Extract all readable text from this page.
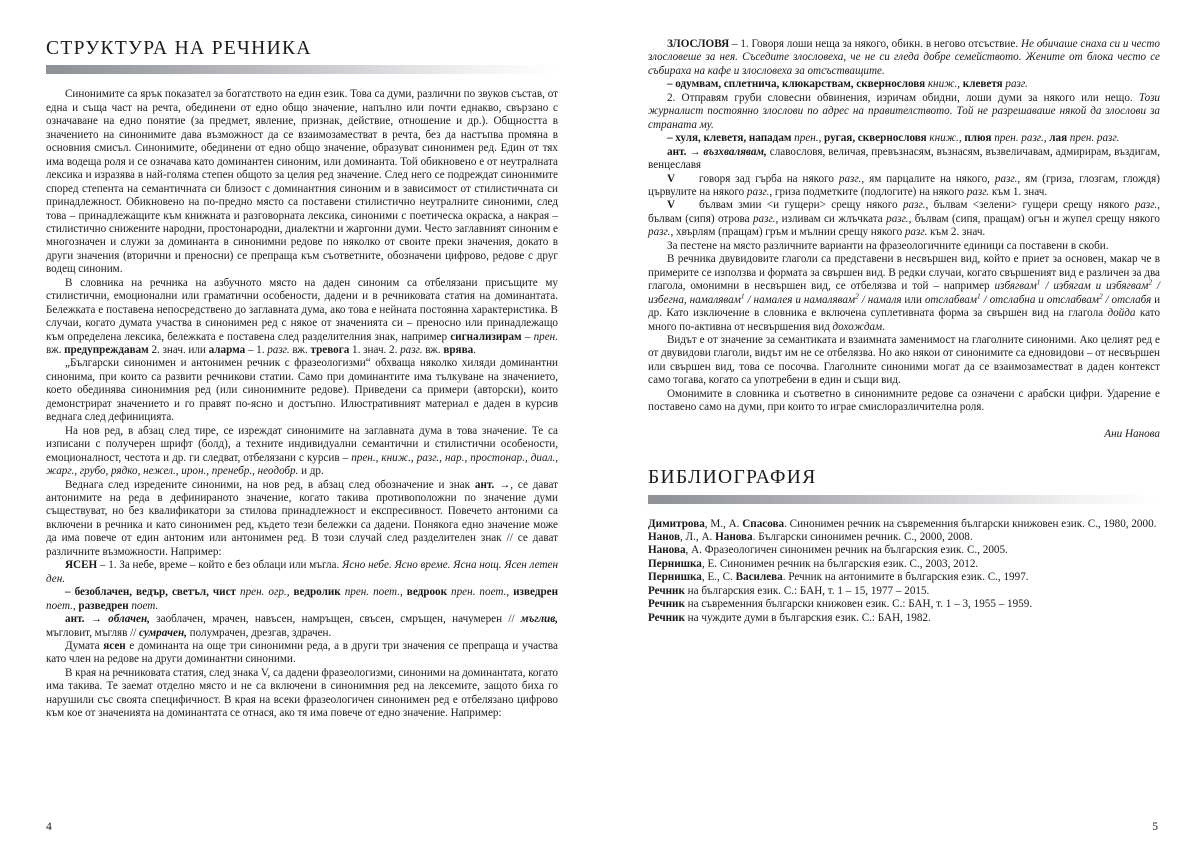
СТРУКТУРА НА РЕЧНИКА

Синонимите са ярък показател за богатството на един език. Това са думи, различни по звуков състав, от една и съща част на речта, обединени от едно общо значение, напълно или почти еднакво, свързано с означаване на едно понятие (за предмет, явление, признак, действие, отношение и др.). Общността в значението на синонимите дава възможност да се взаимозаместват в речта, без да настъпва промяна в основния смисъл. Синонимите, обединени от едно общо значение, образуват синонимен ред. Един от тях има водеща роля и се означава като доминантен синоним, или доминанта. Той обикновено е от неутралната лексика и изразява в най-голяма степен общото за целия ред значение. След него се подреждат синонимите според степента на семантичната си близост с доминантния синоним и в зависимост от стилистичната си принадлежност. Обикновено на по-предно място са поставени стилистично неутралните синоними, след това – принадлежащите към книжната и разговорната лексика, синоними с поетическа окраска, а накрая – стилистично снижените народни, простонародни, диалектни и жаргонни думи. Често заглавният синоним е многозначен и служи за доминанта в синонимни редове по няколко от своите преки значения, докато в други значения (вторични и преносни) се препраща към съответните, обозначени цифрово, редове с друг водещ синоним.

В словника на речника на азбучното място на даден синоним са отбелязани присъщите му стилистични, емоционални или граматични особености, дадени и в речниковата статия на доминантата. Бележката е поставена непосредствено до заглавната дума, ако това е нейната постоянна характеристика. В случаи, когато думата участва в синонимен ред с някое от значенията си – преносно или принадлежащо към определена лексика, бележката е поставена след разделителния знак, например сигнализирам – прен. вж. предупреждавам 2. знач. или аларма – 1. разг. вж. тревога 1. знач. 2. разг. вж. врява.

„Български синонимен и антонимен речник с фразеологизми“ обхваща няколко хиляди доминантни синонима, при които са развити речникови статии. Само при доминантите има тълкуване на значението, което обединява синонимния ред (или синонимните редове). Приведени са примери (авторски), които демонстрират значението и го правят по-ясно и достъпно. Илюстративният материал е даден в курсив веднага след дефиницията.

На нов ред, в абзац след тире, се изреждат синонимите на заглавната дума в това значение. Те са изписани с получерен шрифт (болд), а техните индивидуални семантични и стилистични особености, емоционалност, честота и др. ги следват, отбелязани с курсив – прен., книж., разг., нар., простонар., диал., жарг., грубо, рядко, нежел., ирон., пренебр., неодобр. и др.

Веднага след изредените синоними, на нов ред, в абзац след обозначение и знак ант. →, се дават антонимите на реда в дефинираното значение, когато такива противоположни по значение думи съществуват, но без квалификатори за стилова принадлежност и експресивност. Повечето антоними са включени в речника и като синонимен ред, където тези бележки са дадени. Понякога едно значение може да има повече от един антоним или антонимен ред. В този случай след разделителен знак // се дават различните възможности. Например:

ЯСЕН – 1. За небе, време – който е без облаци или мъгла. Ясно небе. Ясно време. Ясна нощ. Ясен летен ден.

– безоблачен, ведър, светъл, чист прен. огр., ведролик прен. поет., ведроок прен. поет., изведрен поет., разведрен поет.

ант. → облачен, заоблачен, мрачен, навъсен, намръщен, свъсен, смръщен, начумерен // мъглив, мъгловит, мъгляв // сумрачен, полумрачен, дрезгав, здрачен.

Думата ясен е доминанта на още три синонимни реда, а в други три значения се препраща и участва като член на редове на други доминантни синоними.

В края на речниковата статия, след знака V, са дадени фразеологизми, синоними на доминантата, когато има такива. Те заемат отделно място и не са включени в синонимния ред на лексемите, защото биха го нарушили със своята специфичност. В края на всеки фразеологичен синонимен ред е отбелязано цифрово към кое от значенията на доминантата се отнася, ако тя има повече от едно значение. Например:

4

ЗЛОСЛОВЯ – 1. Говоря лоши неща за някого, обикн. в негово отсъствие. Не обичаше снаха си и често злословеше за нея. Съседите злословеха, че не си гледа добре семейството. Жените от блока често се събираха на кафе и злословеха за отсъстващите.

– одумвам, сплетнича, клюкарствам, сквернословя книж., клеветя разг.

2. Отправям груби словесни обвинения, изричам обидни, лоши думи за някого или нещо. Този журналист постоянно злослови по адрес на правителството. Той не разрешаваше някой да злослови за страната му.

– хуля, клеветя, нападам прен., ругая, сквернословя книж., плюя прен. разг., лая прен. разг.

ант. → възхвалявам, славословя, величая, превъзнасям, възнасям, възвеличавам, адмирирам, въздигам, венцеславя

V говоря зад гърба на някого разг., ям парцалите на някого, разг., ям (гриза, глозгам, глождя) цървулите на някого разг., гриза подметките (подлогите) на някого разг. към 1. знач.

V бълвам змии <и гущери> срещу някого разг., бълвам <зелени> гущери срещу някого разг., бълвам (сипя) отрова разг., изливам си жлъчката разг., бълвам (сипя, пращам) огън и жупел срещу някого разг., хвърлям (пращам) гръм и мълнии срещу някого разг. към 2. знач.

За пестене на място различните варианти на фразеологичните единици са поставени в скоби.

В речника двувидовите глаголи са представени в несвършен вид, който е приет за основен, макар че в примерите се използва и формата за свършен вид. В редки случаи, когато свършеният вид е различен за два глагола, омонимни в несвършен вид, се отбелязва и той – например избягвам$^1$ / избягам и избягвам$^2$ / избегна, намалявам$^1$ / намалея и намалявам$^2$ / намаля или отслабвам$^1$ / отслабна и отслабвам$^2$ / отслабя и др. Като изключение в словника е включена суплетивната форма за свършен вид на глагола дойда като много по-активна от несвършения вид дохождам.

Видът е от значение за семантиката и взаимната заменимост на глаголните синоними. Ако целият ред е от двувидови глаголи, видът им не се отбелязва. Но ако някои от синонимите са едновидови – от несвършен или свършен вид, това се посочва. Глаголните синоними могат да се взаимозаместват в даден контекст само тогава, когато са употребени в един и същи вид.

Омонимите в словника и съответно в синонимните редове са означени с арабски цифри. Ударение е поставено само на думи, при които то играе смислоразличителна роля.

Ани Нанова

БИБЛИОГРАФИЯ
Димитрова, М., А. Спасова. Синонимен речник на съвременния български книжовен език. С., 1980, 2000.
Нанов, Л., А. Нанова. Български синонимен речник. С., 2000, 2008.
Нанова, А. Фразеологичен синонимен речник на българския език. С., 2005.
Пернишка, Е. Синонимен речник на българския език. С., 2003, 2012.
Пернишка, Е., С. Василева. Речник на антонимите в българския език. С., 1997.
Речник на българския език. С.: БАН, т. 1 – 15, 1977 – 2015.
Речник на съвременния български книжовен език. С.: БАН, т. 1 – 3, 1955 – 1959.
Речник на чуждите думи в българския език. С.: БАН, 1982.
5
